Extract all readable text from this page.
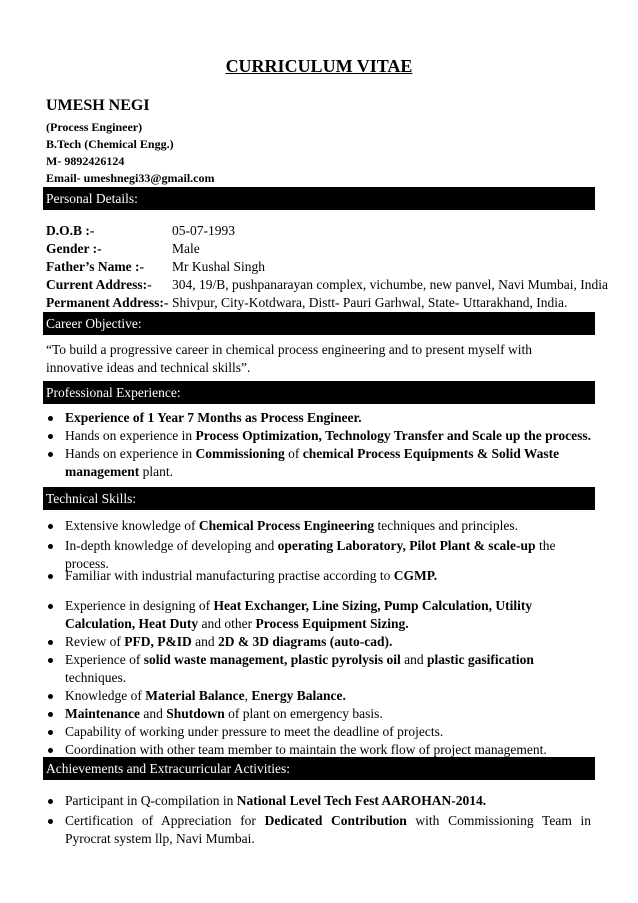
CURRICULUM VITAE
UMESH NEGI
(Process Engineer)
B.Tech (Chemical Engg.)
M- 9892426124
Email- umeshnegi33@gmail.com
Personal Details:
D.O.B :-	05-07-1993
Gender :-	Male
Father’s Name :- Mr Kushal Singh
Current Address:- 304, 19/B, pushpanarayan complex, vichumbe, new panvel, Navi Mumbai, India
Permanent Address:- Shivpur, City-Kotdwara, Distt- Pauri Garhwal, State- Uttarakhand, India.
Career Objective:
“To build a progressive career in chemical process engineering and to present myself with innovative ideas and technical skills”.
Professional Experience:
Experience of 1 Year 7 Months as Process Engineer.
Hands on experience in Process Optimization, Technology Transfer and Scale up the process.
Hands on experience in Commissioning of chemical Process Equipments & Solid Waste management plant.
Technical Skills:
Extensive knowledge of Chemical Process Engineering techniques and principles.
In-depth knowledge of developing and operating Laboratory, Pilot Plant & scale-up the process.
Familiar with industrial manufacturing practise according to CGMP.
Experience in designing of Heat Exchanger, Line Sizing, Pump Calculation, Utility Calculation, Heat Duty and other Process Equipment Sizing.
Review of PFD, P&ID and 2D & 3D diagrams (auto-cad).
Experience of solid waste management, plastic pyrolysis oil and plastic gasification techniques.
Knowledge of Material Balance, Energy Balance.
Maintenance and Shutdown of plant on emergency basis.
Capability of working under pressure to meet the deadline of projects.
Coordination with other team member to maintain the work flow of project management.
Achievements and Extracurricular Activities:
Participant in Q-compilation in National Level Tech Fest AAROHAN-2014.
Certification of Appreciation for Dedicated Contribution with Commissioning Team in Pyrocrat system llp, Navi Mumbai.
